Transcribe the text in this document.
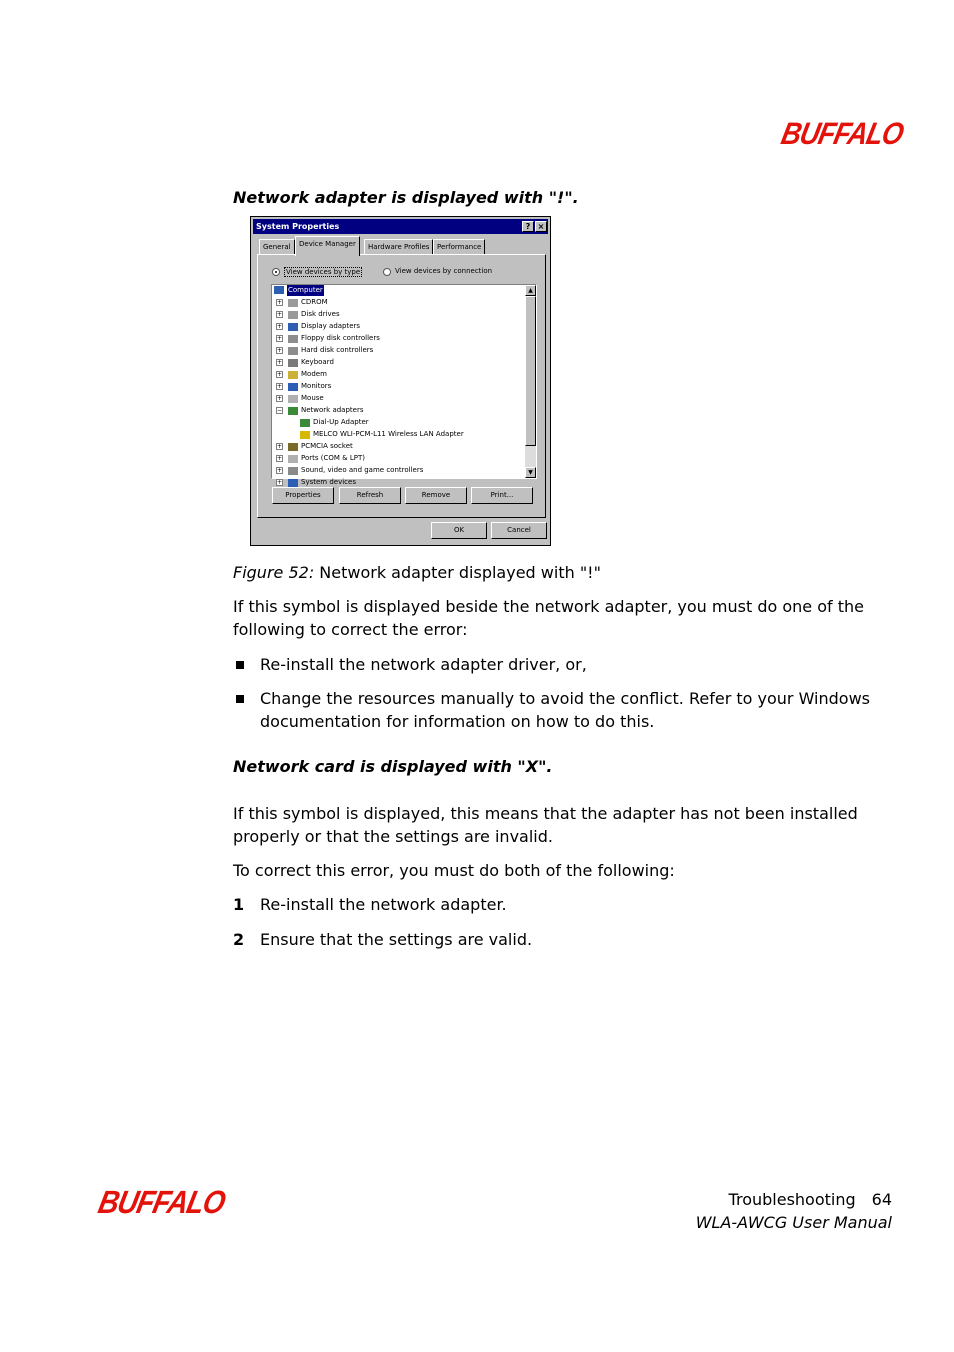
BUFFALO
Network adapter is displayed with "!".
System Properties	? ×
General	Device Manager	Hardware Profiles	Performance
View devices by type	View devices by connection
Computer
+	CDROM
+	Disk drives
+	Display adapters
+	Floppy disk controllers
+	Hard disk controllers
+	Keyboard
+	Modem
+	Monitors
+	Mouse
−	Network adapters
Dial-Up Adapter
MELCO WLI-PCM-L11 Wireless LAN Adapter
+	PCMCIA socket
+	Ports (COM & LPT)
+	Sound, video and game controllers
+	System devices
▲
▼
Properties	Refresh	Remove	Print...
OK	Cancel
Figure 52: Network adapter displayed with "!"
If this symbol is displayed beside the network adapter, you must do one of the following to correct the error:
Re-install the network adapter driver, or,
Change the resources manually to avoid the conflict. Refer to your Windows documentation for information on how to do this.
Network card is displayed with "X".
If this symbol is displayed, this means that the adapter has not been installed properly or that the settings are invalid.
To correct this error, you must do both of the following:
1 Re-install the network adapter.
2 Ensure that the settings are valid.
BUFFALO	Troubleshooting 64
WLA-AWCG User Manual
